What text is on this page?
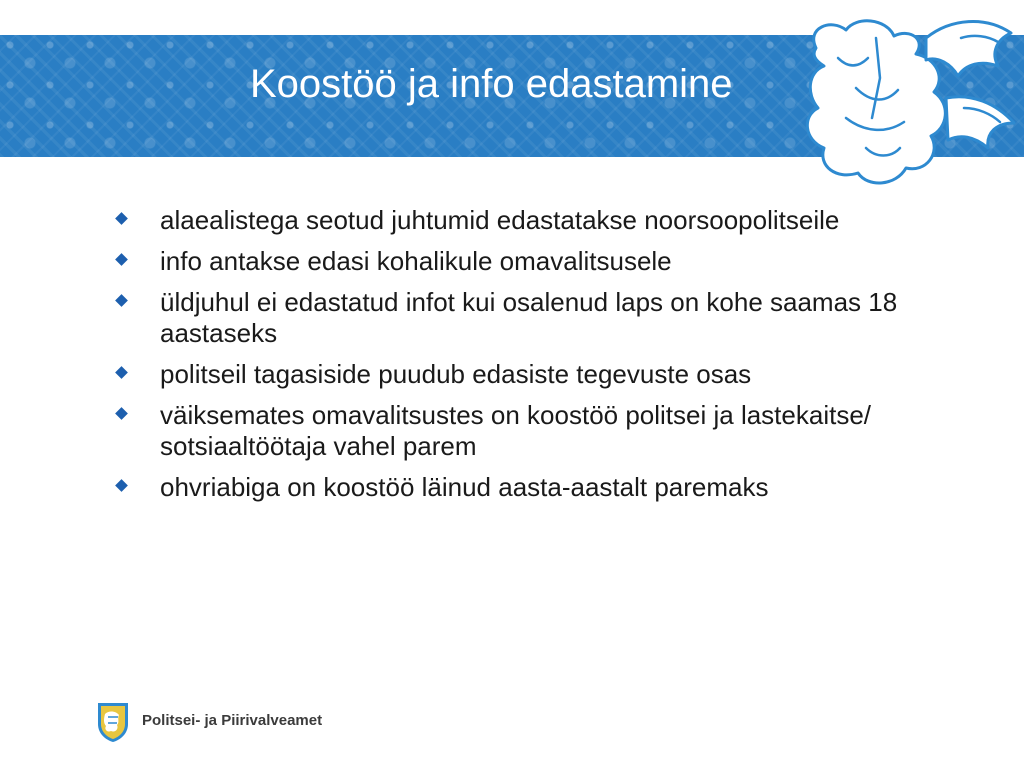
Koostöö ja info edastamine
alaealistega seotud juhtumid edastatakse noorsoopolitseile
info antakse edasi kohalikule omavalitsusele
üldjuhul ei edastatud infot kui osalenud laps on kohe saamas 18 aastaseks
politseil tagasiside puudub edasiste tegevuste osas
väiksemates omavalitsustes on koostöö politsei ja lastekaitse/ sotsiaaltöötaja vahel parem
ohvriabiga on koostöö läinud aasta-aastalt paremaks
Politsei- ja Piirivalveamet
